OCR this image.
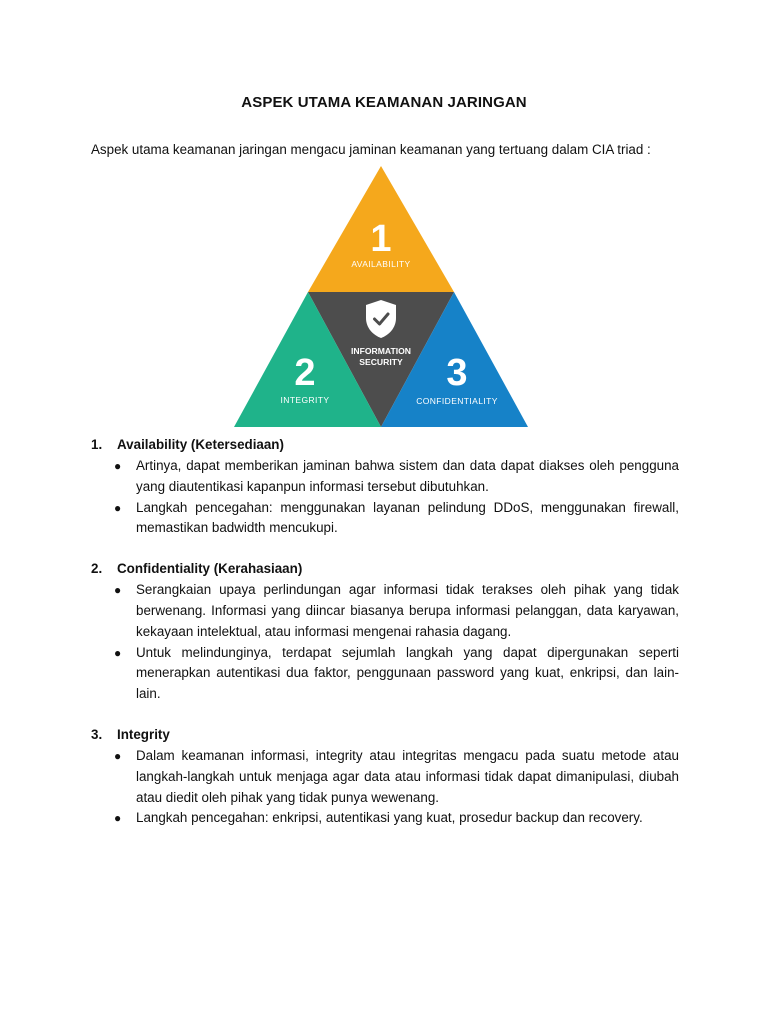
ASPEK UTAMA KEAMANAN JARINGAN
Aspek utama keamanan jaringan mengacu jaminan keamanan yang tertuang dalam CIA triad :
1
AVAILABILITY
INFORMATION
SECURITY
2
INTEGRITY
3
CONFIDENTIALITY
1. Availability (Ketersediaan)
● Artinya, dapat memberikan jaminan bahwa sistem dan data dapat diakses oleh pengguna yang diautentikasi kapanpun informasi tersebut dibutuhkan.
● Langkah pencegahan: menggunakan layanan pelindung DDoS, menggunakan firewall, memastikan badwidth mencukupi.
2. Confidentiality (Kerahasiaan)
● Serangkaian upaya perlindungan agar informasi tidak terakses oleh pihak yang tidak berwenang. Informasi yang diincar biasanya berupa informasi pelanggan, data karyawan, kekayaan intelektual, atau informasi mengenai rahasia dagang.
● Untuk melindunginya, terdapat sejumlah langkah yang dapat dipergunakan seperti menerapkan autentikasi dua faktor, penggunaan password yang kuat, enkripsi, dan lain-lain.
3. Integrity
● Dalam keamanan informasi, integrity atau integritas mengacu pada suatu metode atau langkah-langkah untuk menjaga agar data atau informasi tidak dapat dimanipulasi, diubah atau diedit oleh pihak yang tidak punya wewenang.
● Langkah pencegahan: enkripsi, autentikasi yang kuat, prosedur backup dan recovery.
